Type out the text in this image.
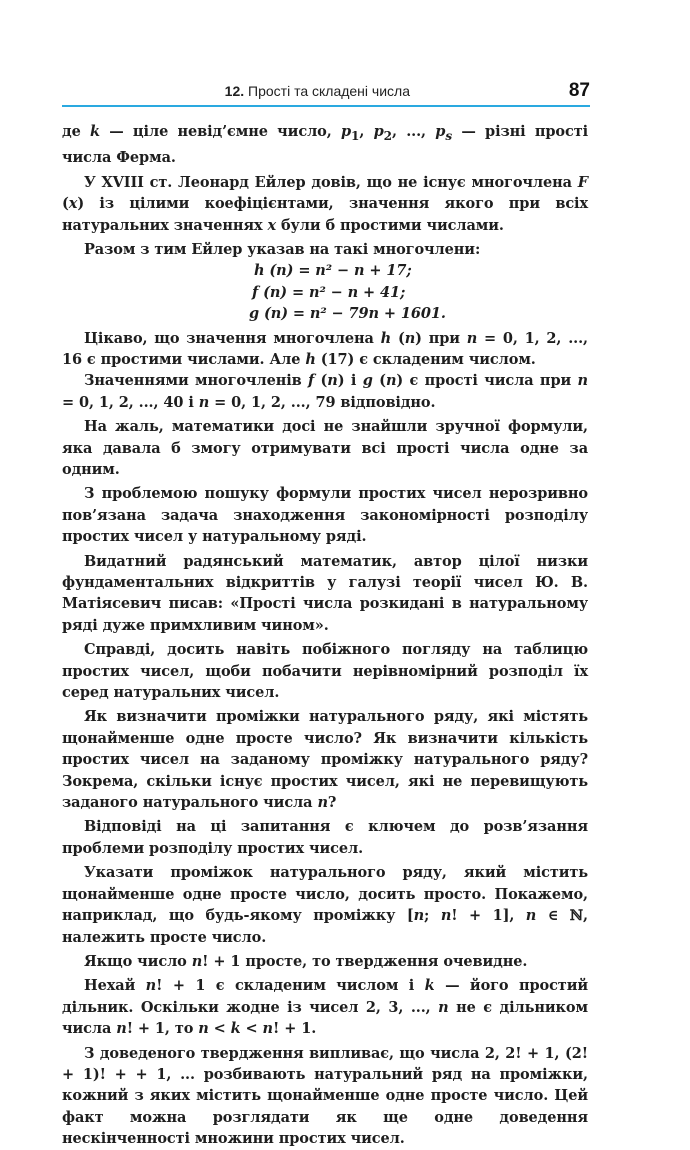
12. Прості та складені числа	87

де k — ціле невід’ємне число, $p_1$, $p_2$, ..., $p_s$ — різні прості числа Ферма.

У XVIII ст. Леонард Ейлер довів, що не існує многочлена F (x) із цілими коефіцієнтами, значення якого при всіх натуральних значеннях x були б простими числами.

Разом з тим Ейлер указав на такі многочлени:

h (n) = n² − n + 17;
f (n) = n² − n + 41;
g (n) = n² − 79n + 1601.

Цікаво, що значення многочлена h (n) при n = 0, 1, 2, ..., 16 є простими числами. Але h (17) є складеним числом.

Значеннями многочленів f (n) і g (n) є прості числа при n = 0, 1, 2, ..., 40 і n = 0, 1, 2, ..., 79 відповідно.

На жаль, математики досі не знайшли зручної формули, яка давала б змогу отримувати всі прості числа одне за одним.

З проблемою пошуку формули простих чисел нерозривно пов’язана задача знаходження закономірності розподілу простих чисел у натуральному ряді.

Видатний радянський математик, автор цілої низки фундаментальних відкриттів у галузі теорії чисел Ю. В. Матіясевич писав: «Прості числа розкидані в натуральному ряді дуже примхливим чином».

Справді, досить навіть побіжного погляду на таблицю простих чисел, щоби побачити нерівномірний розподіл їх серед натуральних чисел.

Як визначити проміжки натурального ряду, які містять щонайменше одне просте число? Як визначити кількість простих чисел на заданому проміжку натурального ряду? Зокрема, скільки існує простих чисел, які не перевищують заданого натурального числа n?

Відповіді на ці запитання є ключем до розв’язання проблеми розподілу простих чисел.

Указати проміжок натурального ряду, який містить щонайменше одне просте число, досить просто. Покажемо, наприклад, що будь-якому проміжку [n; n! + 1], n ∈ ℕ, належить просте число.

Якщо число n! + 1 просте, то твердження очевидне.

Нехай n! + 1 є складеним числом і k — його простий дільник. Оскільки жодне із чисел 2, 3, ..., n не є дільником числа n! + 1, то n < k < n! + 1.

З доведеного твердження випливає, що числа 2, 2! + 1, (2! + 1)! + + 1, ... розбивають натуральний ряд на проміжки, кожний з яких містить щонайменше одне просте число. Цей факт можна розглядати як ще одне доведення нескінченності множини простих чисел.
